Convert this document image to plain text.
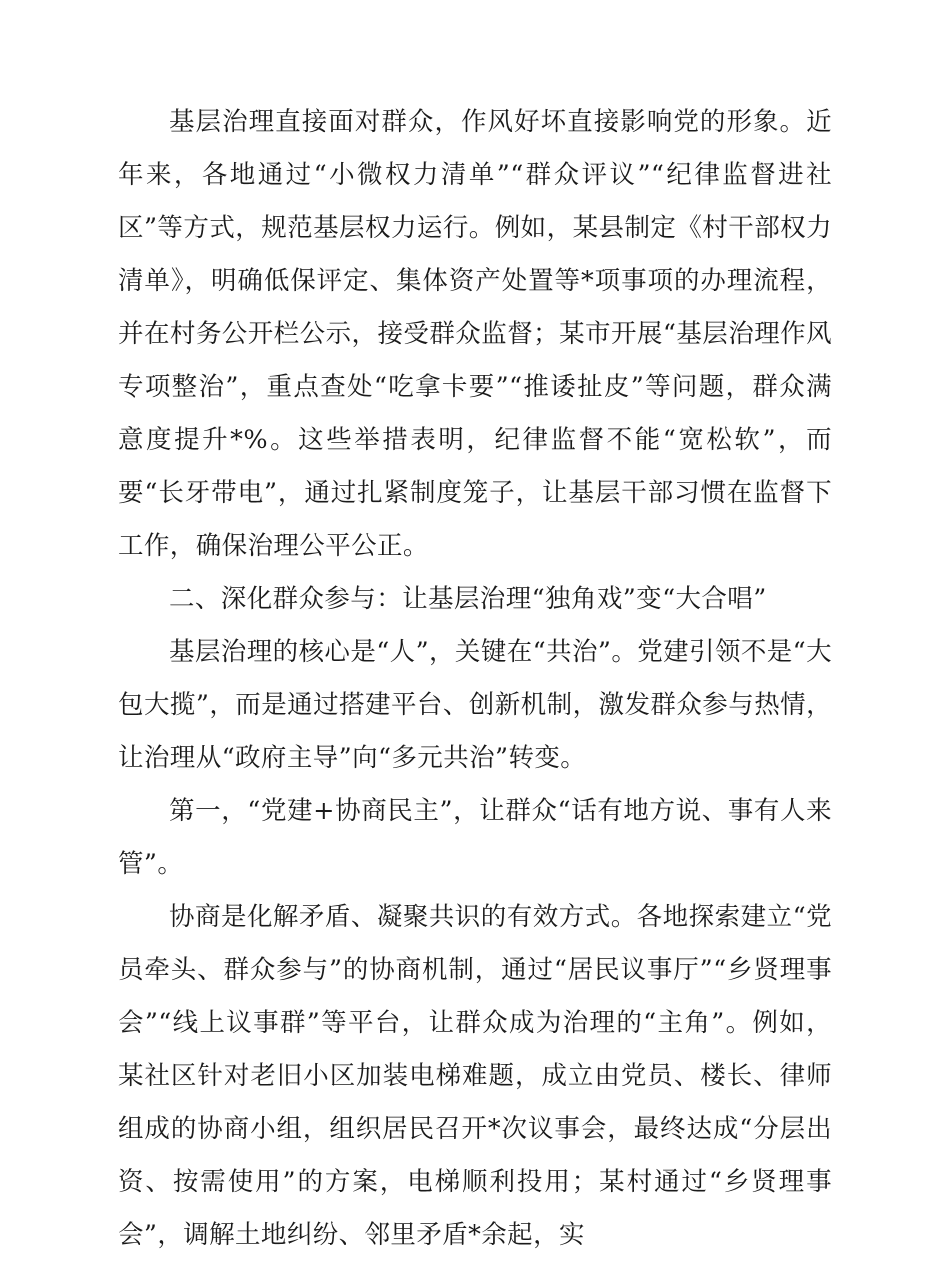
基层治理直接面对群众，作风好坏直接影响党的形象。近年来，各地通过“小微权力清单”“群众评议”“纪律监督进社区”等方式，规范基层权力运行。例如，某县制定《村干部权力清单》，明确低保评定、集体资产处置等*项事项的办理流程，并在村务公开栏公示，接受群众监督；某市开展“基层治理作风专项整治”，重点查处“吃拿卡要”“推诿扯皮”等问题，群众满意度提升*%。这些举措表明，纪律监督不能“宽松软”，而要“长牙带电”，通过扎紧制度笼子，让基层干部习惯在监督下工作，确保治理公平公正。

二、深化群众参与：让基层治理“独角戏”变“大合唱”

基层治理的核心是“人”，关键在“共治”。党建引领不是“大包大揽”，而是通过搭建平台、创新机制，激发群众参与热情，让治理从“政府主导”向“多元共治”转变。

第一，“党建+协商民主”，让群众“话有地方说、事有人来管”。

协商是化解矛盾、凝聚共识的有效方式。各地探索建立“党员牵头、群众参与”的协商机制，通过“居民议事厅”“乡贤理事会”“线上议事群”等平台，让群众成为治理的“主角”。例如，某社区针对老旧小区加装电梯难题，成立由党员、楼长、律师组成的协商小组，组织居民召开*次议事会，最终达成“分层出资、按需使用”的方案，电梯顺利投用；某村通过“乡贤理事会”，调解土地纠纷、邻里矛盾*余起，实
